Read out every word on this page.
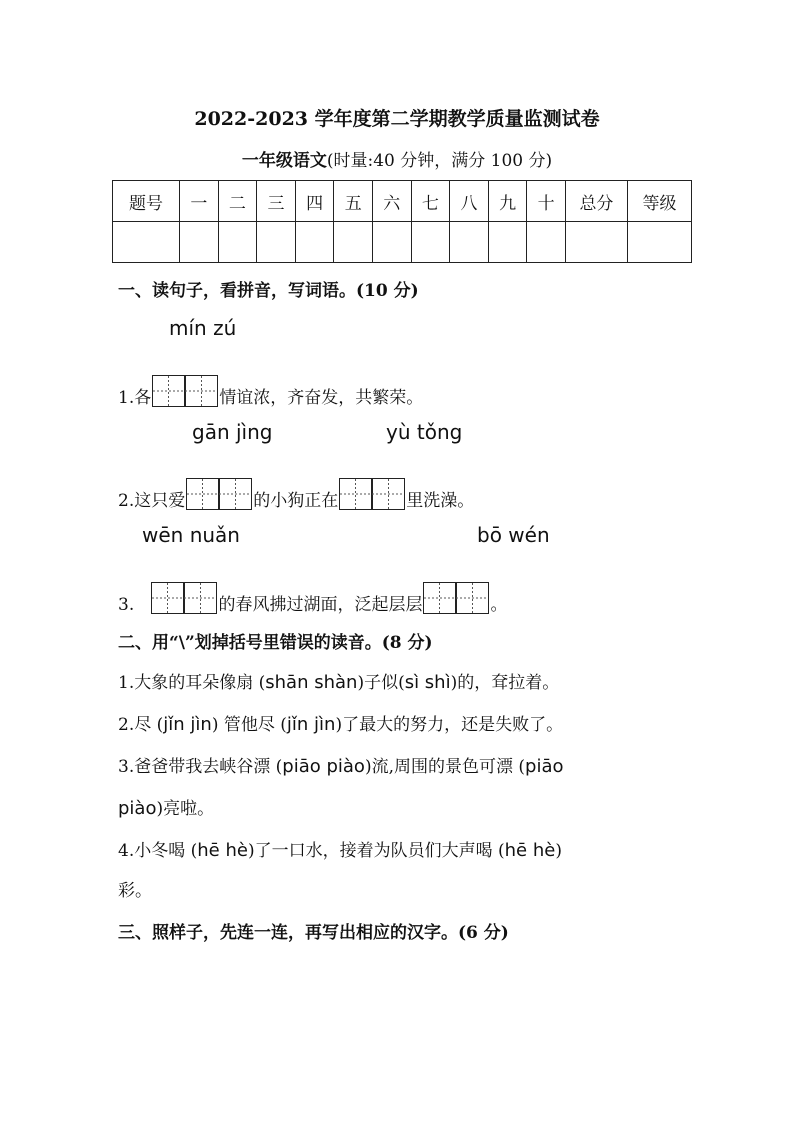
2022-2023 学年度第二学期教学质量监测试卷
一年级语文(时量:40 分钟，满分 100 分)
题号	一	二	三	四	五	六	七	八	九	十	总分	等级

一、读句子，看拼音，写词语。(10 分)
mín zú
1.各	情谊浓，齐奋发，共繁荣。
gān jìng	yù tǒng
2.这只爱	的小狗正在	里洗澡。
wēn nuǎn	bō wén
3.	的春风拂过湖面，泛起层层	。
二、用“\”划掉括号里错误的读音。(8 分)
1.大象的耳朵像扇 (shān shàn)子似(sì shì)的，耷拉着。
2.尽 (jǐn jìn) 管他尽 (jǐn jìn)了最大的努力，还是失败了。
3.爸爸带我去峡谷漂 (piāo piào)流,周围的景色可漂 (piāo
piào)亮啦。
4.小冬喝 (hē hè)了一口水，接着为队员们大声喝 (hē hè)
彩。
三、照样子，先连一连，再写出相应的汉字。(6 分)
